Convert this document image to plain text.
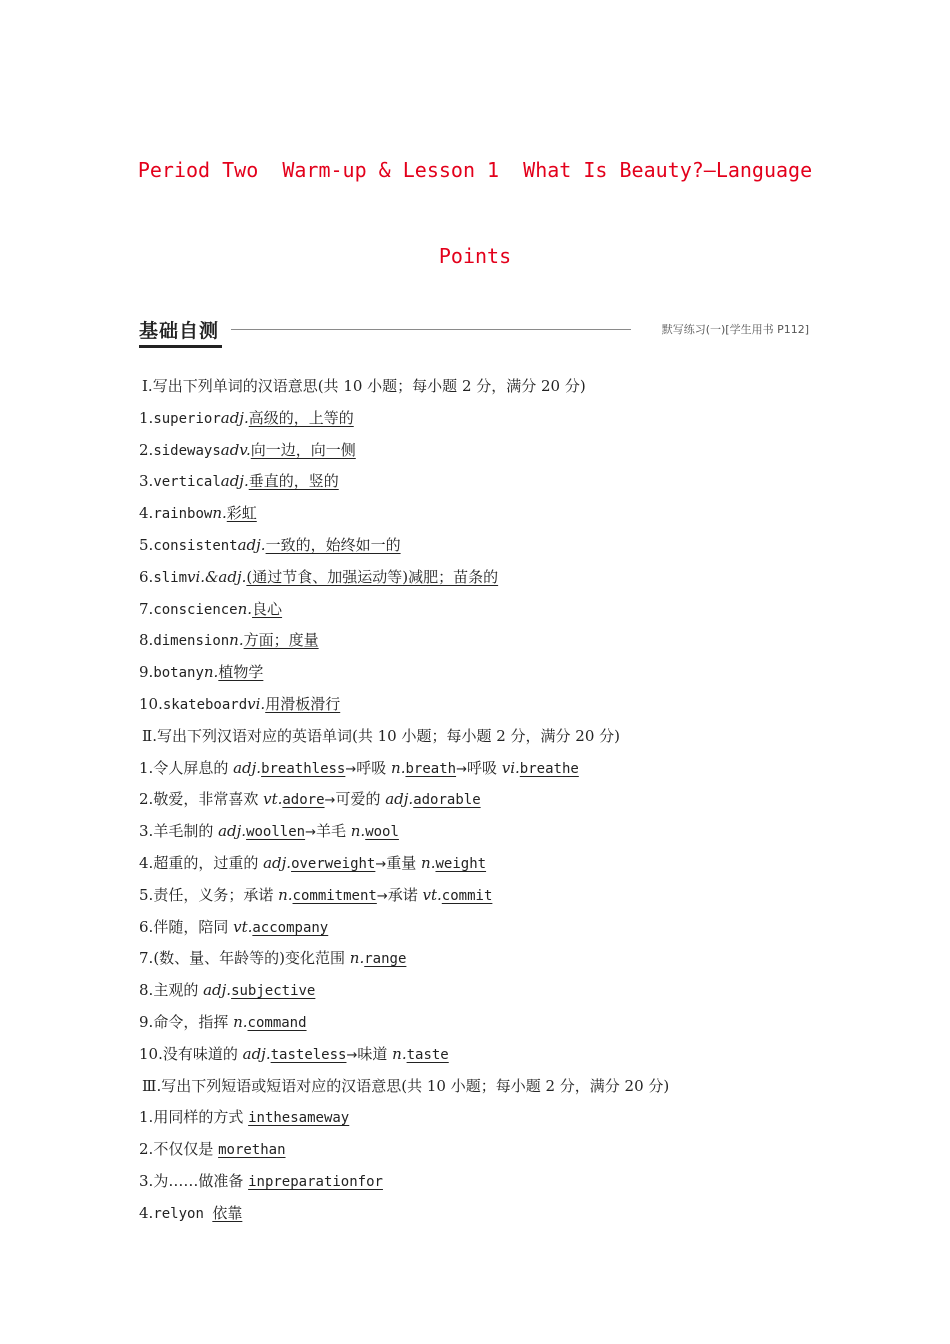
Period Two  Warm-up & Lesson 1  What Is Beauty?—Language
Points
基础自测	默写练习(一)[学生用书 P112]
Ⅰ.写出下列单词的汉语意思(共 10 小题；每小题 2 分，满分 20 分)
1.superioradj.高级的，上等的
2.sidewaysadv.向一边，向一侧
3.verticaladj.垂直的，竖的
4.rainbown.彩虹
5.consistentadj.一致的，始终如一的
6.slimvi.&adj.(通过节食、加强运动等)减肥；苗条的
7.consciencen.良心
8.dimensionn.方面；度量
9.botanyn.植物学
10.skateboardvi.用滑板滑行
Ⅱ.写出下列汉语对应的英语单词(共 10 小题；每小题 2 分，满分 20 分)
1.令人屏息的 adj.breathless→呼吸 n.breath→呼吸 vi.breathe
2.敬爱，非常喜欢 vt.adore→可爱的 adj.adorable
3.羊毛制的 adj.woollen→羊毛 n.wool
4.超重的，过重的 adj.overweight→重量 n.weight
5.责任，义务；承诺 n.commitment→承诺 vt.commit
6.伴随，陪同 vt.accompany
7.(数、量、年龄等的)变化范围 n.range
8.主观的 adj.subjective
9.命令，指挥 n.command
10.没有味道的 adj.tasteless→味道 n.taste
Ⅲ.写出下列短语或短语对应的汉语意思(共 10 小题；每小题 2 分，满分 20 分)
1.用同样的方式 inthesameway
2.不仅仅是 morethan
3.为……做准备 inpreparationfor
4.relyon 依靠
